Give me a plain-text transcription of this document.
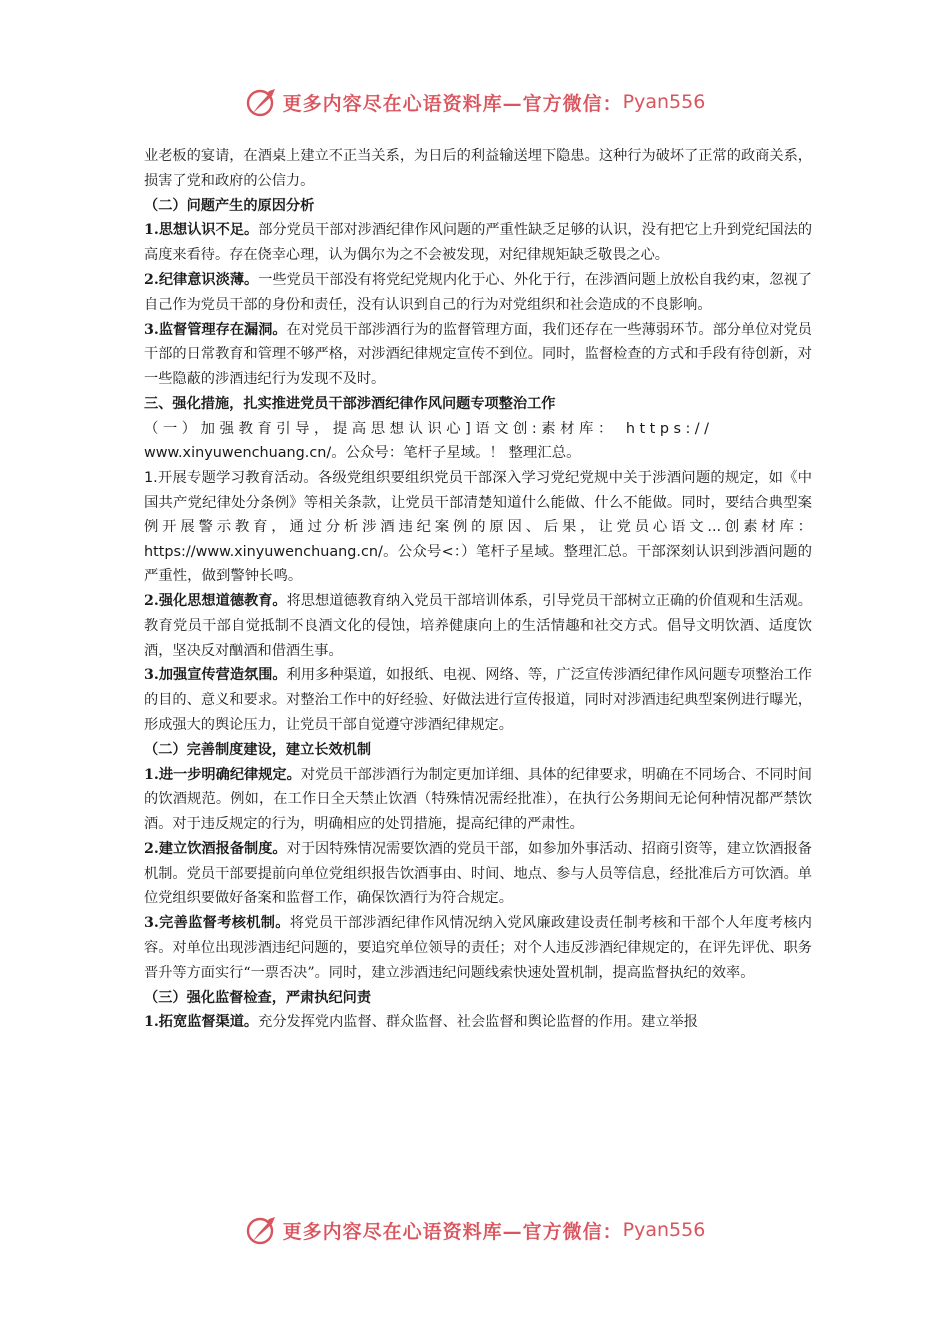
更多内容尽在心语资料库—官方微信： Pyan556

业老板的宴请，在酒桌上建立不正当关系，为日后的利益输送埋下隐患。这种行为破坏了正常的政商关系，损害了党和政府的公信力。

（二）问题产生的原因分析

1.思想认识不足。部分党员干部对涉酒纪律作风问题的严重性缺乏足够的认识，没有把它上升到党纪国法的高度来看待。存在侥幸心理，认为偶尔为之不会被发现，对纪律规矩缺乏敬畏之心。

2.纪律意识淡薄。一些党员干部没有将党纪党规内化于心、外化于行，在涉酒问题上放松自我约束，忽视了自己作为党员干部的身份和责任，没有认识到自己的行为对党组织和社会造成的不良影响。

3.监督管理存在漏洞。在对党员干部涉酒行为的监督管理方面，我们还存在一些薄弱环节。部分单位对党员干部的日常教育和管理不够严格，对涉酒纪律规定宣传不到位。同时，监督检查的方式和手段有待创新，对一些隐蔽的涉酒违纪行为发现不及时。

三、强化措施，扎实推进党员干部涉酒纪律作风问题专项整治工作

（一）加强教育引导，提高思想认识心]语文创:素材库： https://

www.xinyuwenchuang.cn/。公众号：笔杆子星域。！ 整理汇总。

1.开展专题学习教育活动。各级党组织要组织党员干部深入学习党纪党规中关于涉酒问题的规定，如《中国共产党纪律处分条例》等相关条款，让党员干部清楚知道什么能做、什么不能做。同时，要结合典型案例开展警示教育，通过分析涉酒违纪案例的原因、后果，让党员心语文...创素材库：https://www.xinyuwenchuang.cn/。公众号<：）笔杆子星域。整理汇总。干部深刻认识到涉酒问题的严重性，做到警钟长鸣。

2.强化思想道德教育。将思想道德教育纳入党员干部培训体系，引导党员干部树立正确的价值观和生活观。教育党员干部自觉抵制不良酒文化的侵蚀，培养健康向上的生活情趣和社交方式。倡导文明饮酒、适度饮酒，坚决反对酗酒和借酒生事。

3.加强宣传营造氛围。利用多种渠道，如报纸、电视、网络、等，广泛宣传涉酒纪律作风问题专项整治工作的目的、意义和要求。对整治工作中的好经验、好做法进行宣传报道，同时对涉酒违纪典型案例进行曝光，形成强大的舆论压力，让党员干部自觉遵守涉酒纪律规定。

（二）完善制度建设，建立长效机制

1.进一步明确纪律规定。对党员干部涉酒行为制定更加详细、具体的纪律要求，明确在不同场合、不同时间的饮酒规范。例如，在工作日全天禁止饮酒（特殊情况需经批准），在执行公务期间无论何种情况都严禁饮酒。对于违反规定的行为，明确相应的处罚措施，提高纪律的严肃性。

2.建立饮酒报备制度。对于因特殊情况需要饮酒的党员干部，如参加外事活动、招商引资等，建立饮酒报备机制。党员干部要提前向单位党组织报告饮酒事由、时间、地点、参与人员等信息，经批准后方可饮酒。单位党组织要做好备案和监督工作，确保饮酒行为符合规定。

3.完善监督考核机制。将党员干部涉酒纪律作风情况纳入党风廉政建设责任制考核和干部个人年度考核内容。对单位出现涉酒违纪问题的，要追究单位领导的责任；对个人违反涉酒纪律规定的，在评先评优、职务晋升等方面实行“一票否决”。同时，建立涉酒违纪问题线索快速处置机制，提高监督执纪的效率。

（三）强化监督检查，严肃执纪问责

1.拓宽监督渠道。充分发挥党内监督、群众监督、社会监督和舆论监督的作用。建立举报

更多内容尽在心语资料库—官方微信： Pyan556
